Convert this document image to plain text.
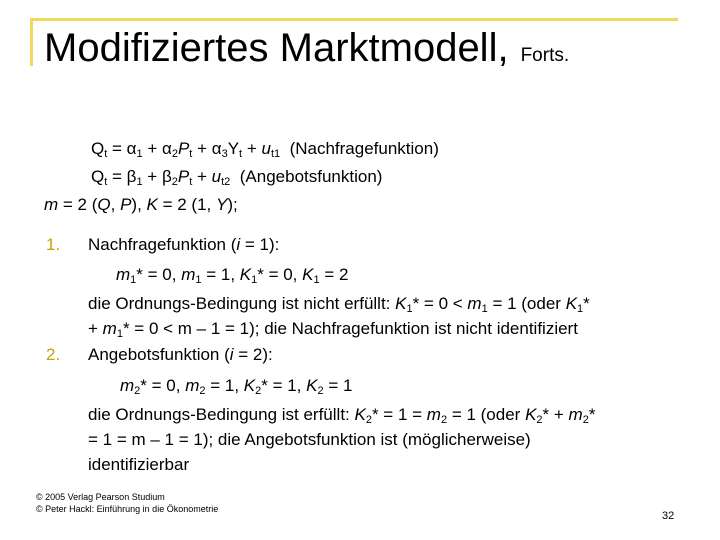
Modifiziertes Marktmodell, Forts.
$Q_t = \alpha_1 + \alpha_2P_t + \alpha_3Y_t + u_{t1}$ (Nachfragefunktion)
$Q_t = \beta_1 + \beta_2P_t + u_{t2}$ (Angebotsfunktion)
m = 2 (Q, P), K = 2 (1, Y);
1. Nachfragefunktion (i = 1):
$m_1* = 0$, $m_1 = 1$, $K_1* = 0$, $K_1 = 2$
die Ordnungs-Bedingung ist nicht erfüllt: $K_1* = 0 < m_1 = 1$ (oder $K_1*$
+ $m_1* = 0 < m - 1 = 1$); die Nachfragefunktion ist nicht identifiziert
2. Angebotsfunktion (i = 2):
$m_2* = 0$, $m_2 = 1$, $K_2* = 1$, $K_2 = 1$
die Ordnungs-Bedingung ist erfüllt: $K_2* = 1 = m_2 = 1$ (oder $K_2* + m_2*$
= 1 = m – 1 = 1); die Angebotsfunktion ist (möglicherweise)
identifizierbar
© 2005 Verlag Pearson Studium
© Peter Hackl: Einführung in die Ökonometrie
32
